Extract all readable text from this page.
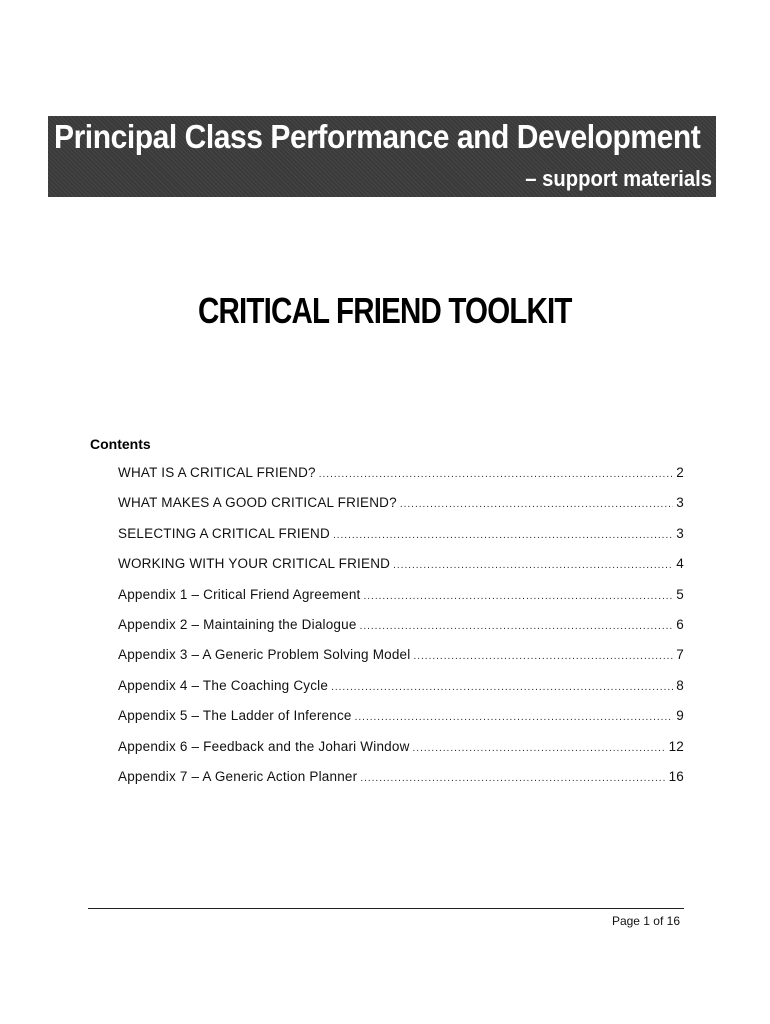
Principal Class Performance and Development
– support materials
CRITICAL FRIEND TOOLKIT
Contents
WHAT IS A CRITICAL FRIEND? .....	2
WHAT MAKES A GOOD CRITICAL FRIEND? .....	3
SELECTING A CRITICAL FRIEND .....	3
WORKING WITH YOUR CRITICAL FRIEND .....	4
Appendix 1 – Critical Friend Agreement .....	5
Appendix 2 – Maintaining the Dialogue .....	6
Appendix 3 – A Generic Problem Solving Model .....	7
Appendix 4 – The Coaching Cycle .....	8
Appendix 5 – The Ladder of Inference .....	9
Appendix 6 – Feedback and the Johari Window .....	12
Appendix 7 – A Generic Action Planner .....	16
Page 1 of 16
